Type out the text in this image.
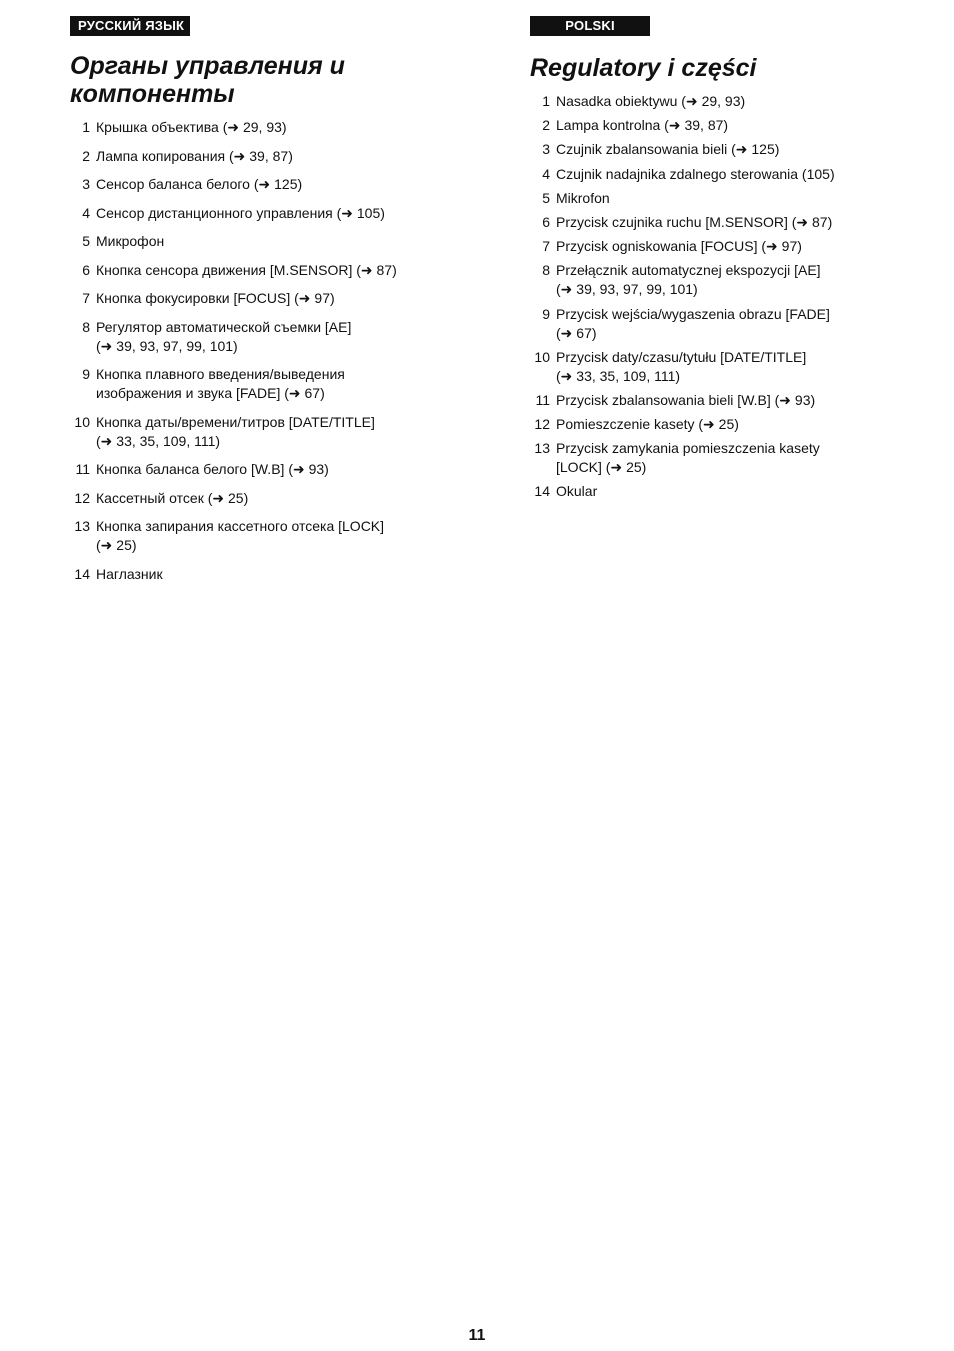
РУССКИЙ ЯЗЫК
Органы управления и компоненты
1 Крышка объектива (➜ 29, 93)
2 Лампа копирования (➜ 39, 87)
3 Сенсор баланса белого (➜ 125)
4 Сенсор дистанционного управления (➜ 105)
5 Микрофон
6 Кнопка сенсора движения [M.SENSOR] (➜ 87)
7 Кнопка фокусировки [FOCUS] (➜ 97)
8 Регулятор автоматической съемки [AE]
(➜ 39, 93, 97, 99, 101)
9 Кнопка плавного введения/выведения
изображения и звука [FADE] (➜ 67)
10 Кнопка даты/времени/титров [DATE/TITLE]
(➜ 33, 35, 109, 111)
11 Кнопка баланса белого [W.B] (➜ 93)
12 Кассетный отсек (➜ 25)
13 Кнопка запирания кассетного отсека [LOCK]
(➜ 25)
14 Наглазник
POLSKI
Regulatory i części
1 Nasadka obiektywu (➜ 29, 93)
2 Lampa kontrolna (➜ 39, 87)
3 Czujnik zbalansowania bieli (➜ 125)
4 Czujnik nadajnika zdalnego sterowania (105)
5 Mikrofon
6 Przycisk czujnika ruchu [M.SENSOR] (➜ 87)
7 Przycisk ogniskowania [FOCUS] (➜ 97)
8 Przełącznik automatycznej ekspozycji [AE]
(➜ 39, 93, 97, 99, 101)
9 Przycisk wejścia/wygaszenia obrazu [FADE]
(➜ 67)
10 Przycisk daty/czasu/tytułu [DATE/TITLE]
(➜ 33, 35, 109, 111)
11 Przycisk zbalansowania bieli [W.B] (➜ 93)
12 Pomieszczenie kasety (➜ 25)
13 Przycisk zamykania pomieszczenia kasety
[LOCK] (➜ 25)
14 Okular
11
